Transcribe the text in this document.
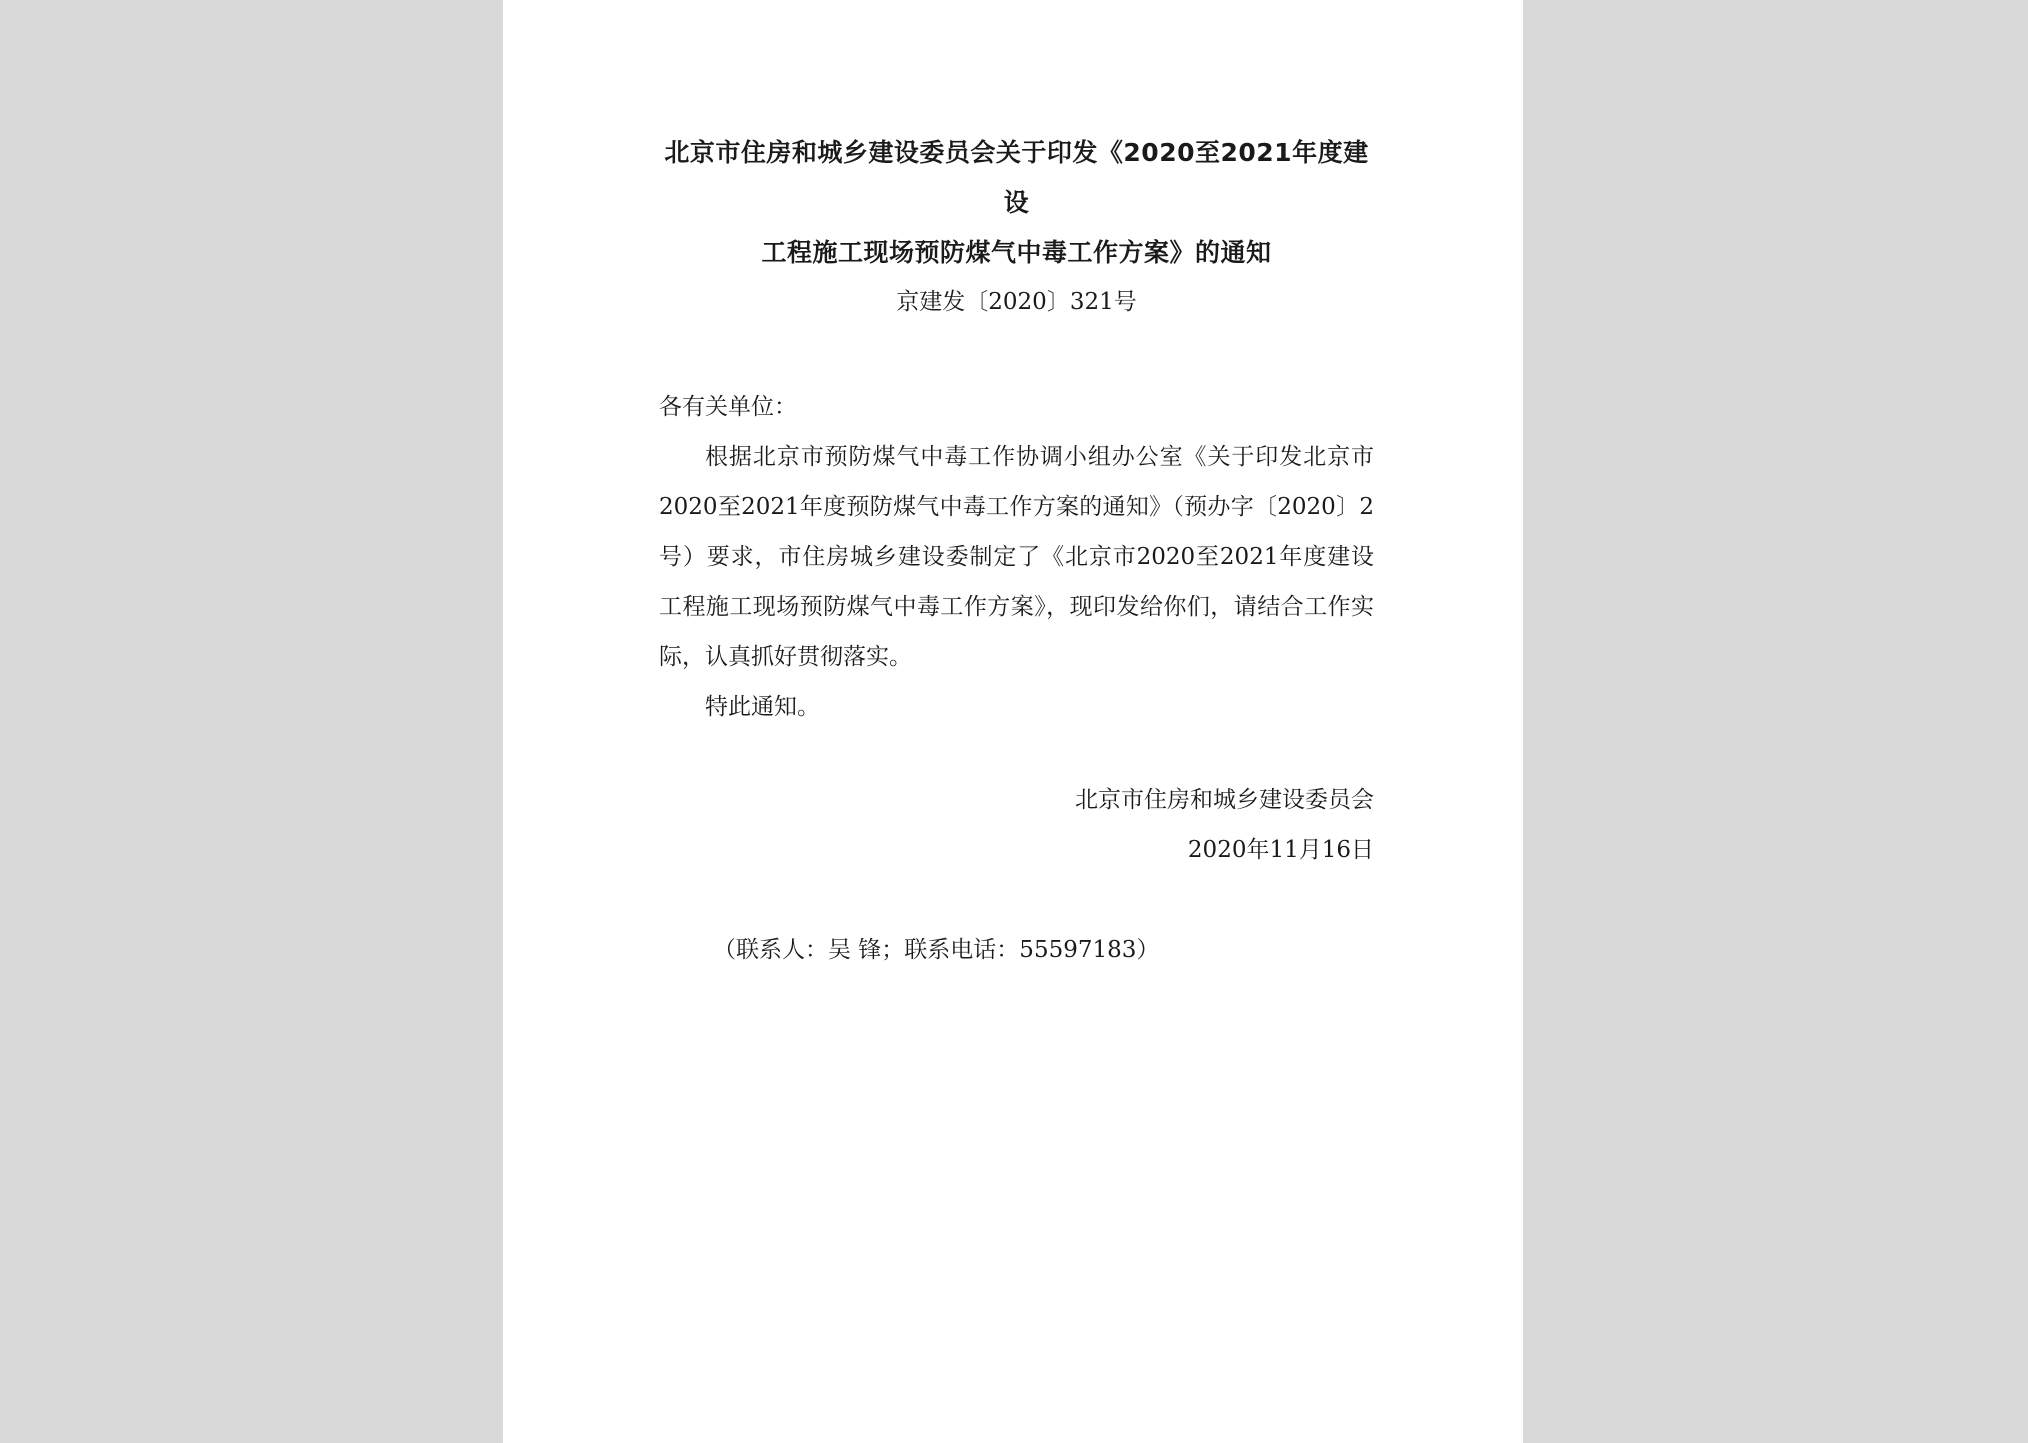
北京市住房和城乡建设委员会关于印发《2020至2021年度建设
工程施工现场预防煤气中毒工作方案》的通知
京建发〔2020〕321号

各有关单位：

根据北京市预防煤气中毒工作协调小组办公室《关于印发北京市2020至2021年度预防煤气中毒工作方案的通知》（预办字〔2020〕2号）要求，市住房城乡建设委制定了《北京市2020至2021年度建设工程施工现场预防煤气中毒工作方案》，现印发给你们，请结合工作实际，认真抓好贯彻落实。

特此通知。

北京市住房和城乡建设委员会
2020年11月16日
（联系人：吴 锋；联系电话：55597183）
